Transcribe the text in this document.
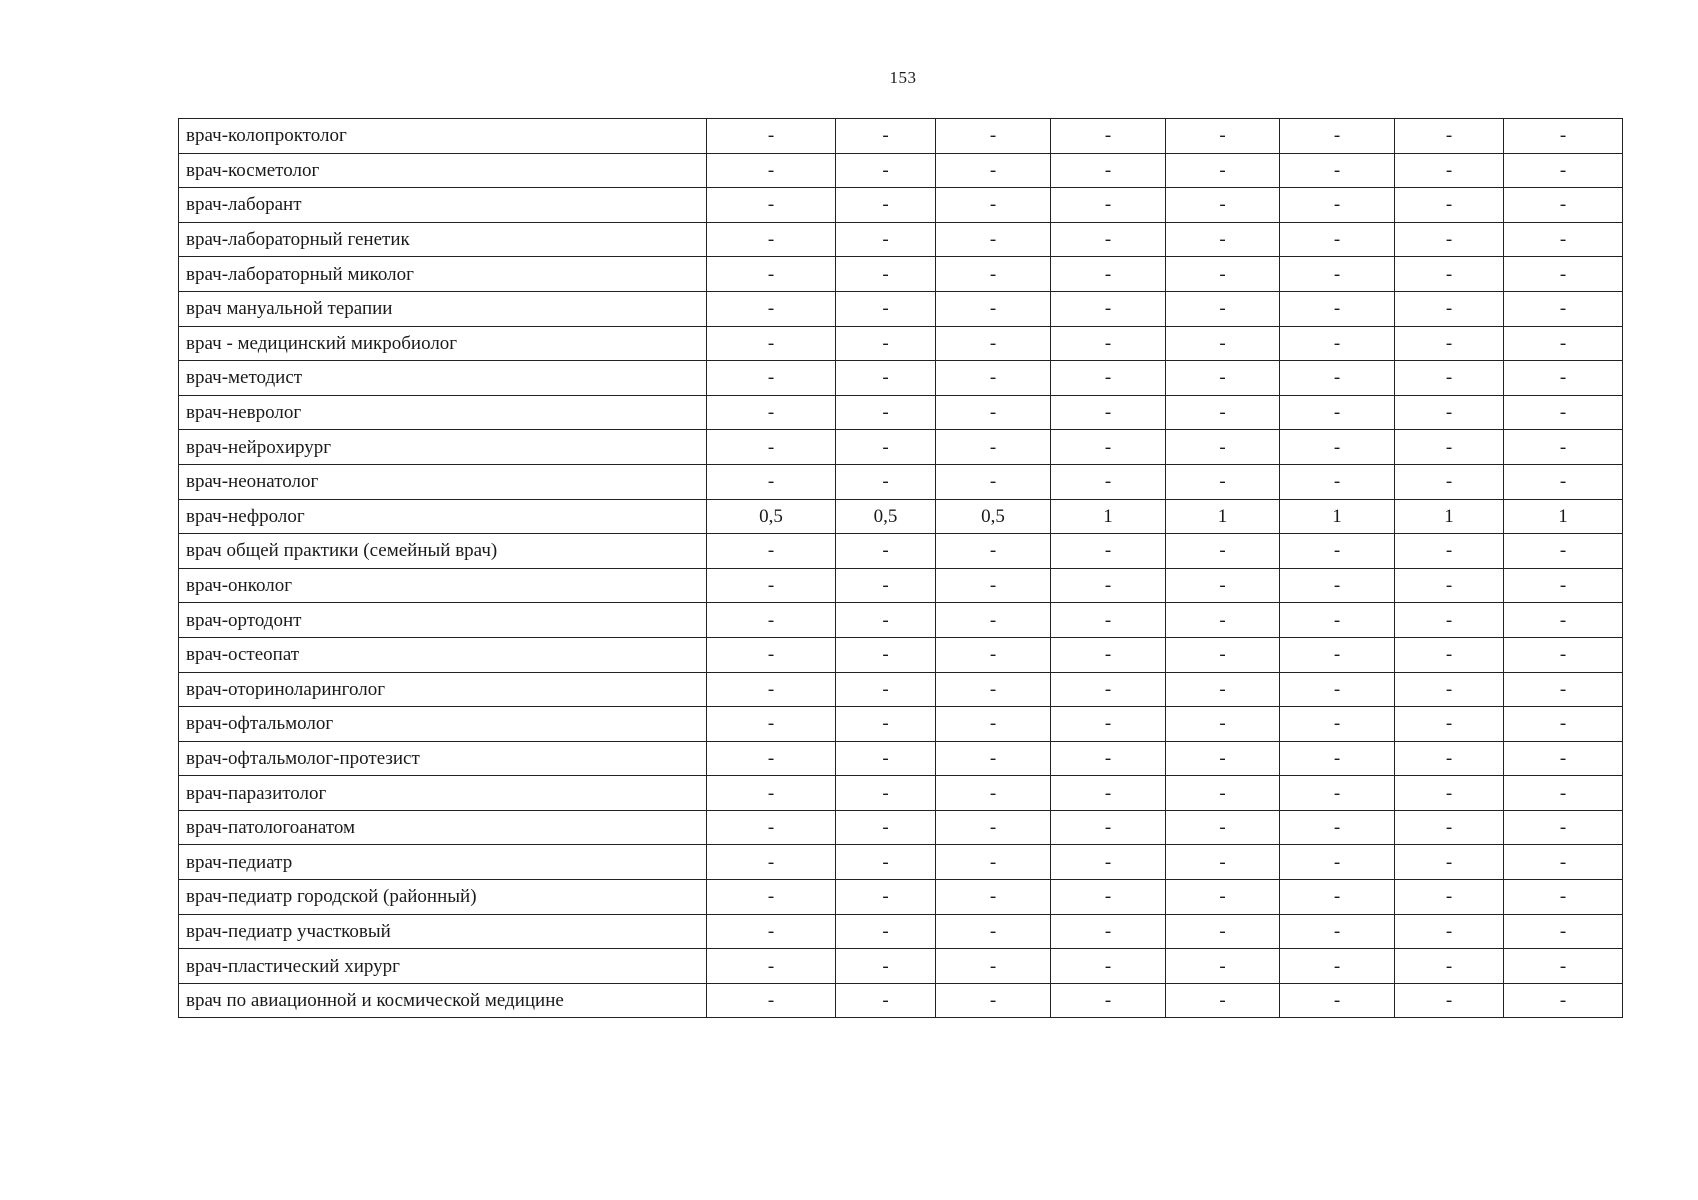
153
врач-колопроктолог	-	-	-	-	-	-	-	-
врач-косметолог	-	-	-	-	-	-	-	-
врач-лаборант	-	-	-	-	-	-	-	-
врач-лабораторный генетик	-	-	-	-	-	-	-	-
врач-лабораторный миколог	-	-	-	-	-	-	-	-
врач мануальной терапии	-	-	-	-	-	-	-	-
врач - медицинский микробиолог	-	-	-	-	-	-	-	-
врач-методист	-	-	-	-	-	-	-	-
врач-невролог	-	-	-	-	-	-	-	-
врач-нейрохирург	-	-	-	-	-	-	-	-
врач-неонатолог	-	-	-	-	-	-	-	-
врач-нефролог	0,5	0,5	0,5	1	1	1	1	1
врач общей практики (семейный врач)	-	-	-	-	-	-	-	-
врач-онколог	-	-	-	-	-	-	-	-
врач-ортодонт	-	-	-	-	-	-	-	-
врач-остеопат	-	-	-	-	-	-	-	-
врач-оториноларинголог	-	-	-	-	-	-	-	-
врач-офтальмолог	-	-	-	-	-	-	-	-
врач-офтальмолог-протезист	-	-	-	-	-	-	-	-
врач-паразитолог	-	-	-	-	-	-	-	-
врач-патологоанатом	-	-	-	-	-	-	-	-
врач-педиатр	-	-	-	-	-	-	-	-
врач-педиатр городской (районный)	-	-	-	-	-	-	-	-
врач-педиатр участковый	-	-	-	-	-	-	-	-
врач-пластический хирург	-	-	-	-	-	-	-	-
врач по авиационной и космической медицине	-	-	-	-	-	-	-	-
